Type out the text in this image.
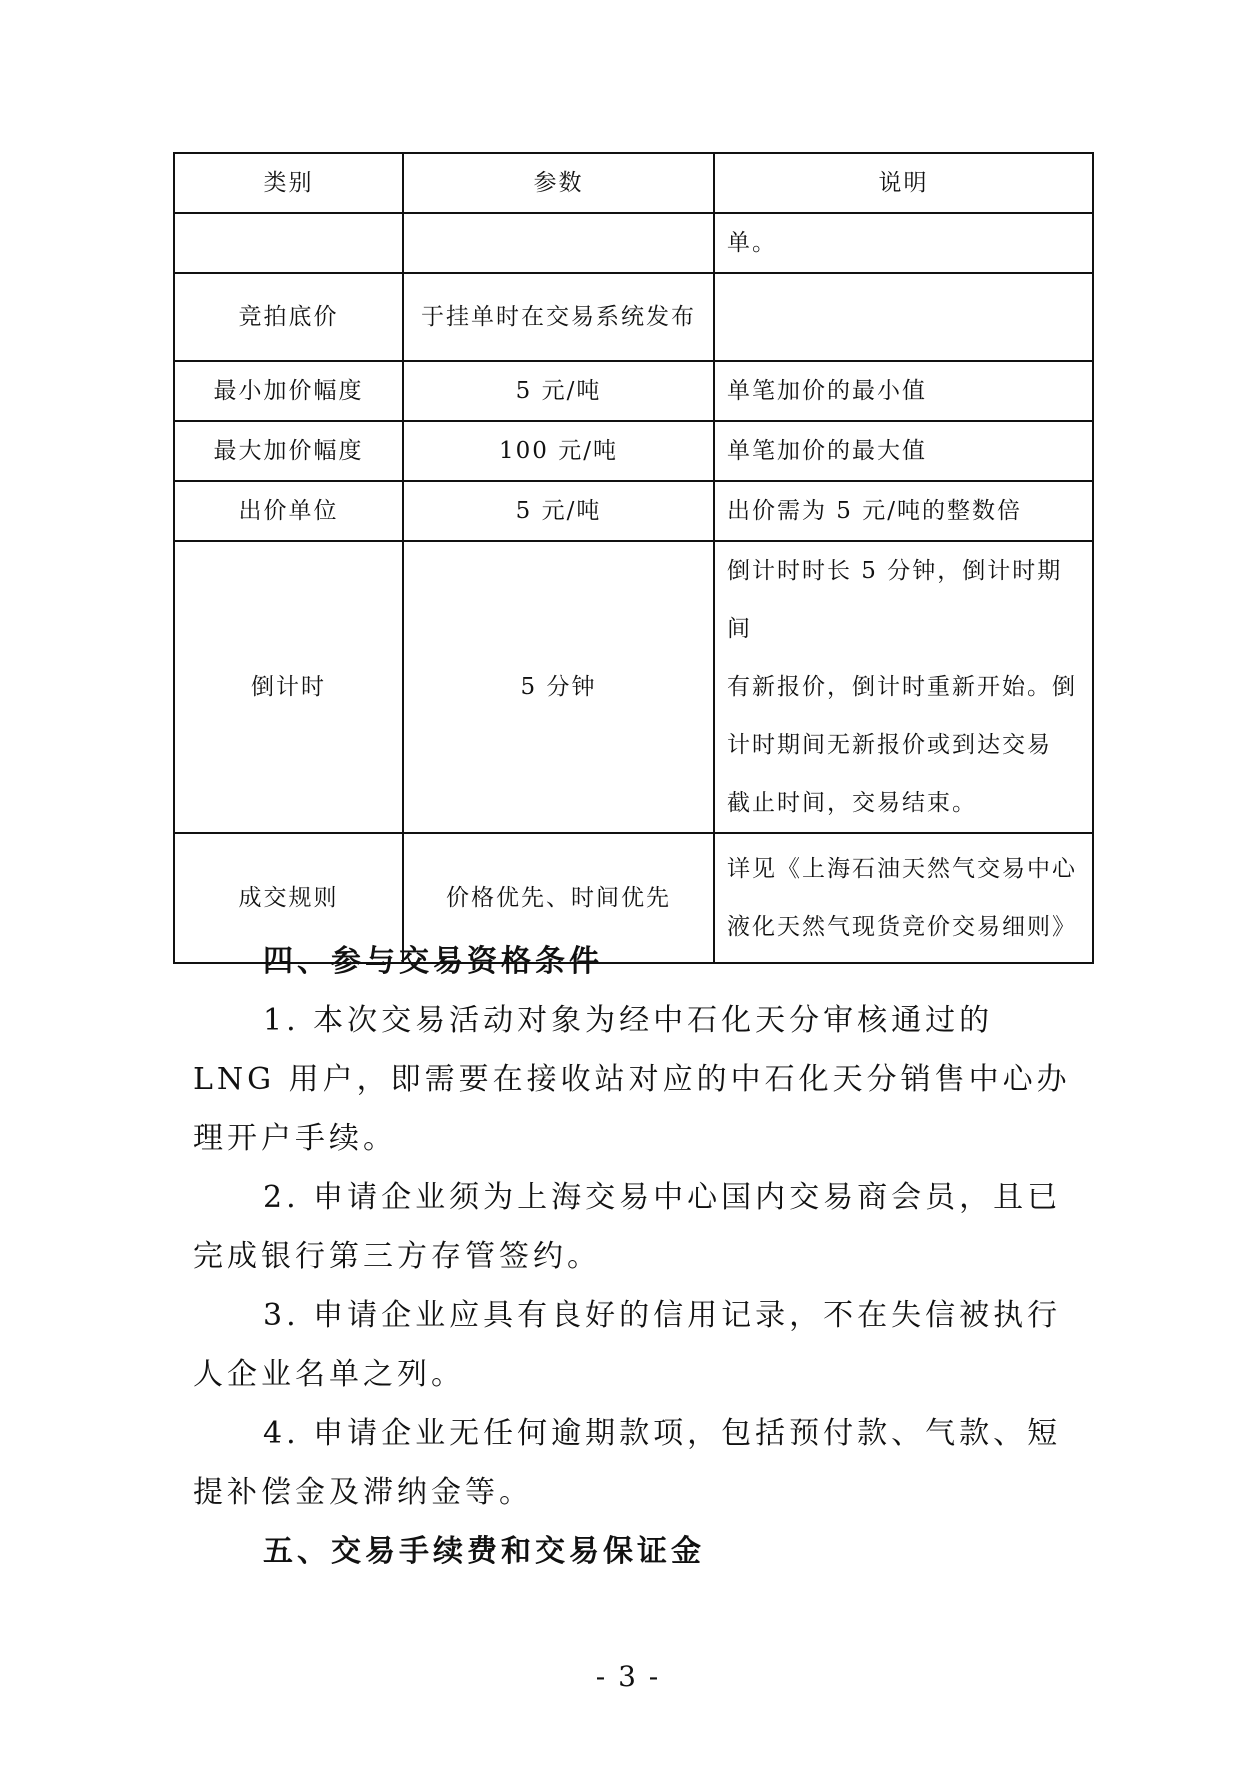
类别	参数	说明
		单。
竞拍底价	于挂单时在交易系统发布	
最小加价幅度	5 元/吨	单笔加价的最小值
最大加价幅度	100 元/吨	单笔加价的最大值
出价单位	5 元/吨	出价需为 5 元/吨的整数倍
倒计时	5 分钟	倒计时时长 5 分钟，倒计时期间
有新报价，倒计时重新开始。倒
计时期间无新报价或到达交易
截止时间，交易结束。

成交规则	价格优先、时间优先	详见《上海石油天然气交易中心
液化天然气现货竞价交易细则》

四、参与交易资格条件

1. 本次交易活动对象为经中石化天分审核通过的 LNG 用户，即需要在接收站对应的中石化天分销售中心办理开户手续。

2. 申请企业须为上海交易中心国内交易商会员，且已完成银行第三方存管签约。

3. 申请企业应具有良好的信用记录，不在失信被执行人企业名单之列。

4. 申请企业无任何逾期款项，包括预付款、气款、短提补偿金及滞纳金等。

五、交易手续费和交易保证金

- 3 -
